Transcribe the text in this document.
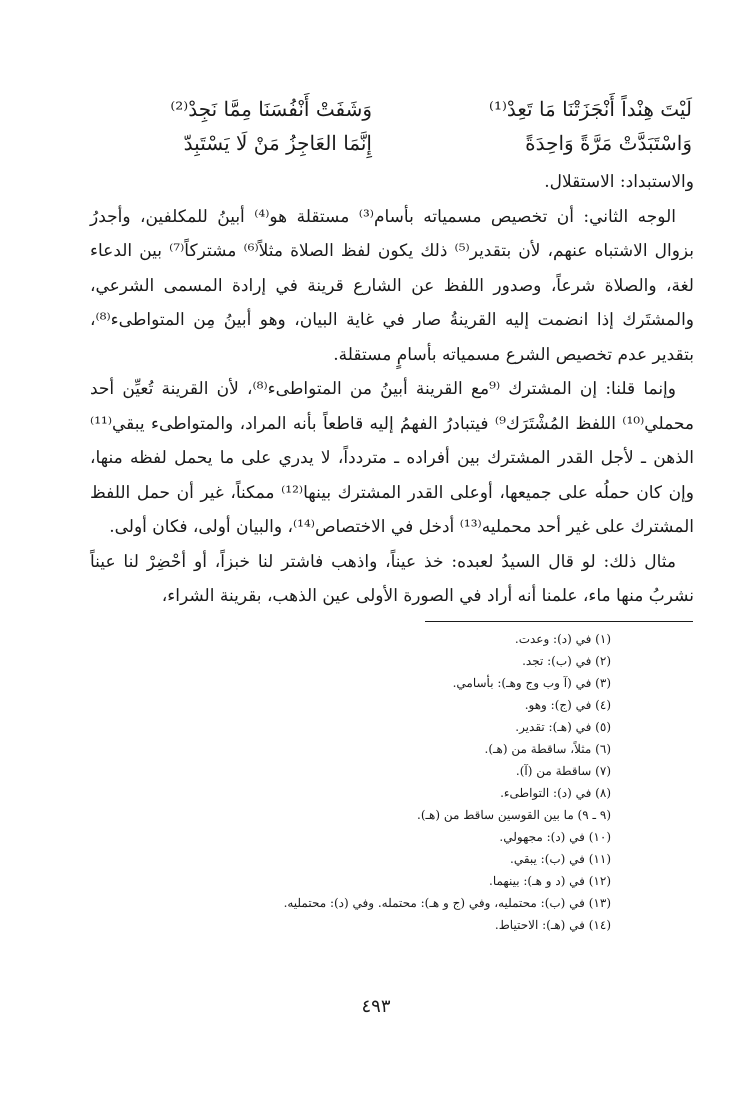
لَيْتَ هِنْداً أَنْجَزَتْنَا مَا تَعِدْ⁽¹⁾
وَشَفَتْ أَنْفُسَنَا مِمَّا نَجِدْ⁽²⁾
وَاسْتَبَدَّتْ مَرَّةً وَاحِدَةً
إِنَّمَا العَاجِزُ مَنْ لَا يَسْتَبِدّ

والاستبداد: الاستقلال.

الوجه الثاني: أن تخصيص مسمياته بأسام⁽³⁾ مستقلة هو⁽⁴⁾ أبينُ للمكلفين، وأجدرُ بزوال الاشتباه عنهم، لأن بتقدير⁽⁵⁾ ذلك يكون لفظ الصلاة مثلاً⁽⁶⁾ مشتركاً⁽⁷⁾ بين الدعاء لغة، والصلاة شرعاً، وصدور اللفظ عن الشارع قرينة في إرادة المسمى الشرعي، والمشتَرك إذا انضمت إليه القرينةُ صار في غاية البيان، وهو أبينُ مِن المتواطىء⁽⁸⁾، بتقدير عدم تخصيص الشرع مسمياته بأسامٍ مستقلة.

وإنما قلنا: إن المشترك ⁽⁹مع القرينة أبينُ من المتواطىء⁽⁸⁾، لأن القرينة تُعيِّن أحد محملي⁽¹⁰⁾ اللفظ المُشْتَرَك⁹⁾ فيتبادرُ الفهمُ إليه قاطعاً بأنه المراد، والمتواطىء يبقي⁽¹¹⁾ الذهن ـ لأجل القدر المشترك بين أفراده ـ متردداً، لا يدري على ما يحمل لفظه منها، وإن كان حملُه على جميعها، أوعلى القدر المشترك بينها⁽¹²⁾ ممكناً، غير أن حمل اللفظ المشترك على غير أحد محمليه⁽¹³⁾ أدخل في الاختصاص⁽¹⁴⁾، والبيان أولى، فكان أولى.

مثال ذلك: لو قال السيدُ لعبده: خذ عيناً، واذهب فاشتر لنا خبزاً، أو أحْضِرْ لنا عيناً نشربُ منها ماء، علمنا أنه أراد في الصورة الأولى عين الذهب، بقرينة الشراء،

(١) في (د): وعدت.
(٢) في (ب): تجد.
(٣) في (آ وب وج وهـ): بأسامي.
(٤) في (ج): وهو.
(٥) في (هـ): تقدير.
(٦) مثلاً، ساقطة من (هـ).
(٧) ساقطة من (آ).
(٨) في (د): التواطىء.
(٩ ـ ٩) ما بين القوسين ساقط من (هـ).
(١٠) في (د): مجهولي.
(١١) في (ب): يبقي.
(١٢) في (د و هـ): بينهما.
(١٣) في (ب): محتمليه، وفي (ج و هـ): محتمله. وفي (د): محتمليه.
(١٤) في (هـ): الاحتياط.
٤٩٣
